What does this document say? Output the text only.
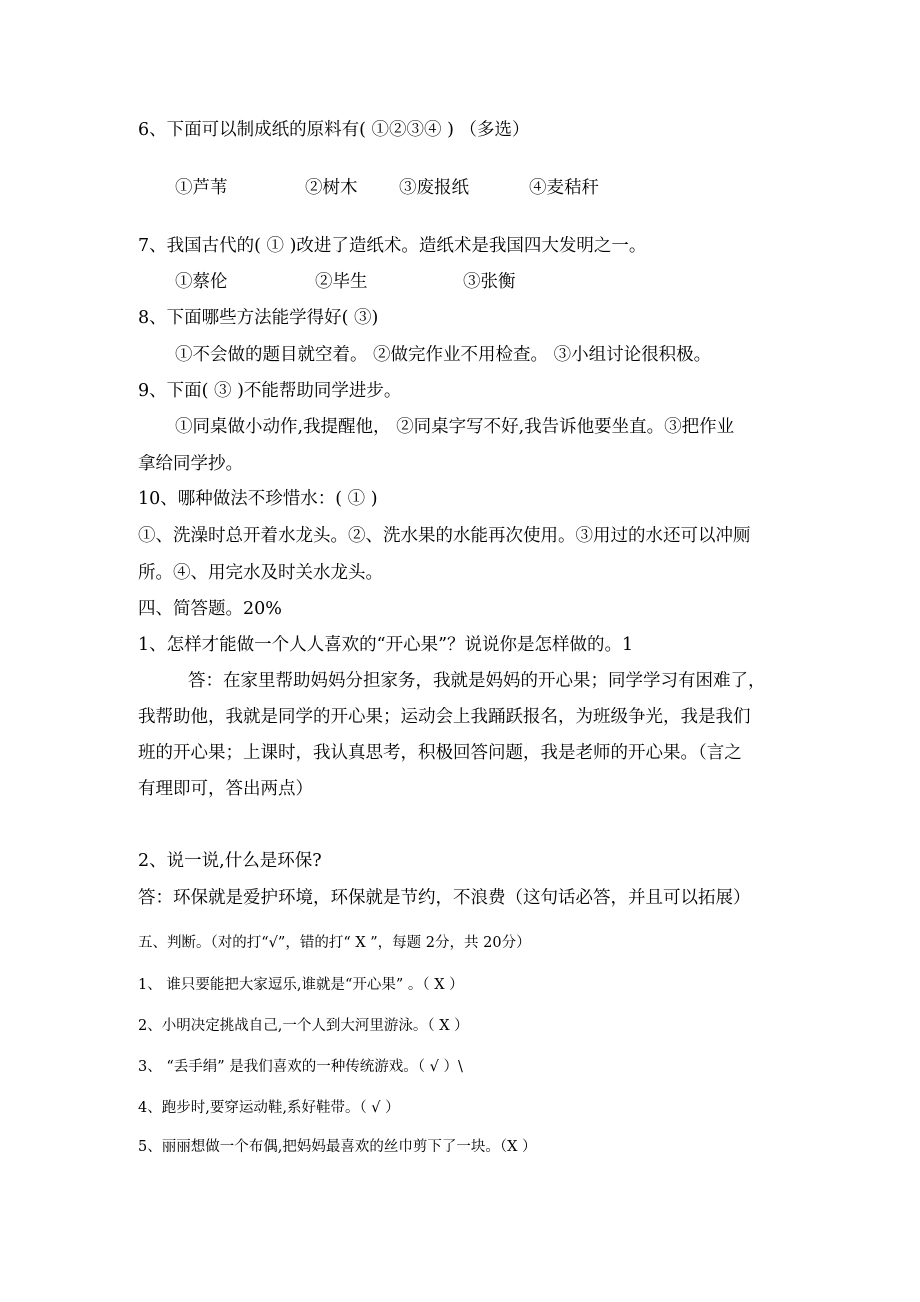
6、下面可以制成纸的原料有( ①②③④ ) （多选）
①芦苇	②树木 ③废报纸	④麦秸秆
7、我国古代的( ① )改进了造纸术。造纸术是我国四大发明之一。
①蔡伦	②毕生	③张衡
8、下面哪些方法能学得好( ③)
①不会做的题目就空着。 ②做完作业不用检查。 ③小组讨论很积极。
9、下面( ③ )不能帮助同学进步。
①同桌做小动作,我提醒他， ②同桌字写不好,我告诉他要坐直。③把作业
拿给同学抄。
10、哪种做法不珍惜水：( ① )
①、洗澡时总开着水龙头。②、洗水果的水能再次使用。③用过的水还可以冲厕
所。④、用完水及时关水龙头。
四、简答题。20%
1、怎样才能做一个人人喜欢的“开心果”？说说你是怎样做的。1
答：在家里帮助妈妈分担家务，我就是妈妈的开心果；同学学习有困难了，
我帮助他，我就是同学的开心果；运动会上我踊跃报名，为班级争光，我是我们
班的开心果；上课时，我认真思考，积极回答问题，我是老师的开心果。（言之
有理即可，答出两点）
2、说一说,什么是环保?
答：环保就是爱护环境，环保就是节约，不浪费（这句话必答，并且可以拓展）
五、判断。（对的打“√”，错的打“ X ”，每题 2分，共 20分）
1、 谁只要能把大家逗乐,谁就是“开心果” 。（ X ）
2、小明决定挑战自己,一个人到大河里游泳。（ X ）
3、 “丢手绢” 是我们喜欢的一种传统游戏。（ √ ）\
4、跑步时,要穿运动鞋,系好鞋带。（ √ ）
5、丽丽想做一个布偶,把妈妈最喜欢的丝巾剪下了一块。（X ）
